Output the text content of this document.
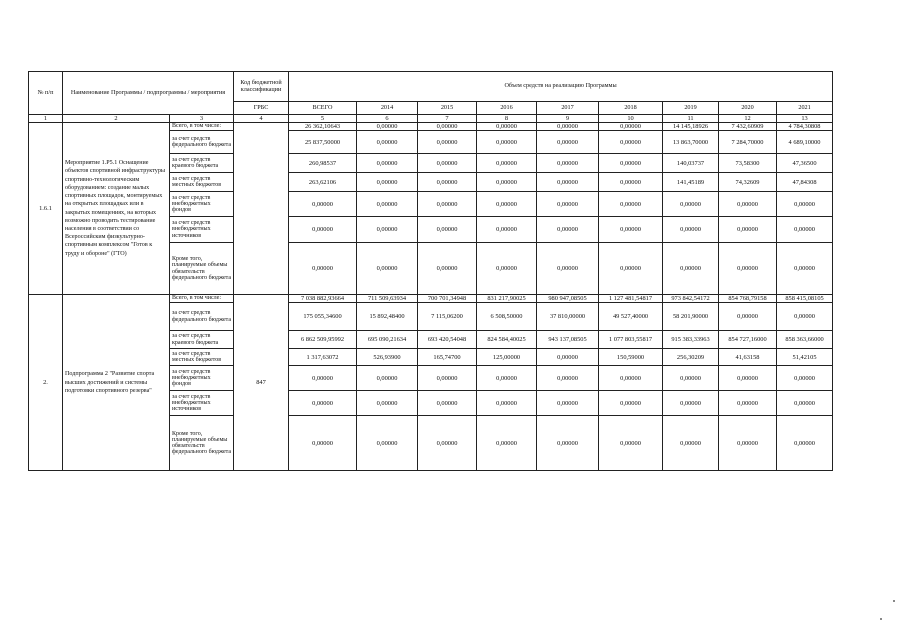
№ п/п	Наименование Программы / подпрограммы / мероприятия		Код бюджетной классификации	Объем средств на реализацию Программы								
			ГРБС	ВСЕГО	2014	2015	2016	2017	2018	2019	2020	2021
1	2	3	4	5	6	7	8	9	10	11	12	13
1.6.1	Мероприятие 1.Р5.1 Оснащение объектов спортивной инфраструктуры спортивно-технологическим оборудованием: создание малых спортивных площадок, монтируемых на открытых площадках или в закрытых помещениях, на которых возможно проводить тестирование населения в соответствии со Всероссийским физкультурно-спортивным комплексом "Готов к труду и обороне" (ГТО)	Всего, в том числе:		26 362,10643	0,00000	0,00000	0,00000	0,00000	0,00000	14 145,18926	7 432,60909	4 784,30808
		за счет средств федерального бюджета		25 837,50000	0,00000	0,00000	0,00000	0,00000	0,00000	13 863,70000	7 284,70000	4 689,10000
		за счет средств краевого бюджета		260,98537	0,00000	0,00000	0,00000	0,00000	0,00000	140,03737	73,58300	47,36500
		за счет средств местных бюджетов		263,62106	0,00000	0,00000	0,00000	0,00000	0,00000	141,45189	74,32609	47,84308
		за счет средств внебюджетных фондов		0,00000	0,00000	0,00000	0,00000	0,00000	0,00000	0,00000	0,00000	0,00000
		за счет средств внебюджетных источников		0,00000	0,00000	0,00000	0,00000	0,00000	0,00000	0,00000	0,00000	0,00000
		Кроме того, планируемые объемы обязательств федерального бюджета		0,00000	0,00000	0,00000	0,00000	0,00000	0,00000	0,00000	0,00000	0,00000
2.	Подпрограмма 2 "Развитие спорта высших достижений и системы подготовки спортивного резерва"	Всего, в том числе:	847	7 038 882,93664	711 509,63934	700 701,34948	831 217,90025	980 947,08505	1 127 481,54817	973 842,54172	854 768,79158	858 415,08105
		за счет средств федерального бюджета		175 055,34600	15 892,48400	7 115,06200	6 508,50000	37 810,00000	49 527,40000	58 201,90000	0,00000	0,00000
		за счет средств краевого бюджета		6 862 509,95992	695 090,21634	693 420,54048	824 584,40025	943 137,08505	1 077 803,55817	915 383,33963	854 727,16000	858 363,66000
		за счет средств местных бюджетов		1 317,63072	526,93900	165,74700	125,00000	0,00000	150,59000	256,30209	41,63158	51,42105
		за счет средств внебюджетных фондов		0,00000	0,00000	0,00000	0,00000	0,00000	0,00000	0,00000	0,00000	0,00000
		за счет средств внебюджетных источников		0,00000	0,00000	0,00000	0,00000	0,00000	0,00000	0,00000	0,00000	0,00000
		Кроме того, планируемые объемы обязательств федерального бюджета		0,00000	0,00000	0,00000	0,00000	0,00000	0,00000	0,00000	0,00000	0,00000
